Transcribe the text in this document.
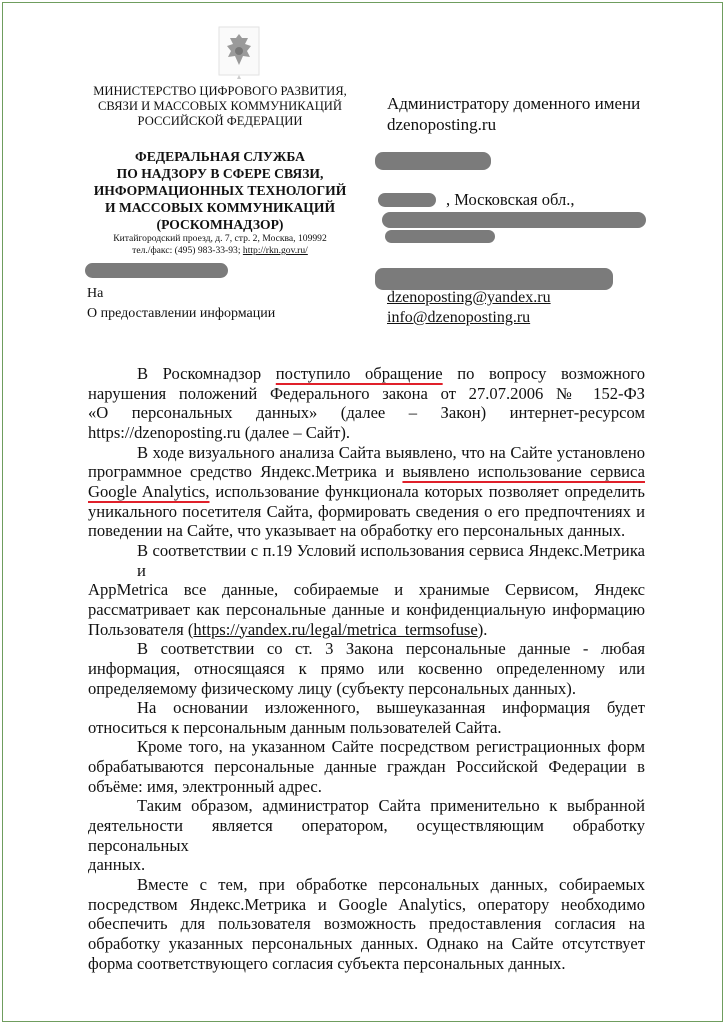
МИНИСТЕРСТВО ЦИФРОВОГО РАЗВИТИЯ,
СВЯЗИ И МАССОВЫХ КОММУНИКАЦИЙ
РОССИЙСКОЙ ФЕДЕРАЦИИ
ФЕДЕРАЛЬНАЯ СЛУЖБА
ПО НАДЗОРУ В СФЕРЕ СВЯЗИ,
ИНФОРМАЦИОННЫХ ТЕХНОЛОГИЙ
И МАССОВЫХ КОММУНИКАЦИЙ
(РОСКОМНАДЗОР)
Китайгородский проезд, д. 7, стр. 2, Москва, 109992
тел./факс: (495) 983-33-93; http://rkn.gov.ru/
На
О предоставлении информации
Администратору доменного имени
dzenoposting.ru
, Московская обл.,
dzenoposting@yandex.ru
info@dzenoposting.ru
В Роскомнадзор поступило обращение по вопросу возможного
нарушения положений Федерального закона от 27.07.2006 № 152-ФЗ
«О персональных данных» (далее – Закон) интернет-ресурсом
https://dzenoposting.ru (далее – Сайт).
В ходе визуального анализа Сайта выявлено, что на Сайте установлено
программное средство Яндекс.Метрика и выявлено использование сервиса
Google Analytics, использование функционала которых позволяет определить
уникального посетителя Сайта, формировать сведения о его предпочтениях и
поведении на Сайте, что указывает на обработку его персональных данных.
В соответствии с п.19 Условий использования сервиса Яндекс.Метрика и
AppMetrica все данные, собираемые и хранимые Сервисом, Яндекс
рассматривает как персональные данные и конфиденциальную информацию
Пользователя (https://yandex.ru/legal/metrica_termsofuse).
В соответствии со ст. 3 Закона персональные данные - любая
информация, относящаяся к прямо или косвенно определенному или
определяемому физическому лицу (субъекту персональных данных).
На основании изложенного, вышеуказанная информация будет
относиться к персональным данным пользователей Сайта.
Кроме того, на указанном Сайте посредством регистрационных форм
обрабатываются персональные данные граждан Российской Федерации в
объёме: имя, электронный адрес.
Таким образом, администратор Сайта применительно к выбранной
деятельности является оператором, осуществляющим обработку персональных
данных.
Вместе с тем, при обработке персональных данных, собираемых
посредством Яндекс.Метрика и Google Analytics, оператору необходимо
обеспечить для пользователя возможность предоставления согласия на
обработку указанных персональных данных. Однако на Сайте отсутствует
форма соответствующего согласия субъекта персональных данных.
